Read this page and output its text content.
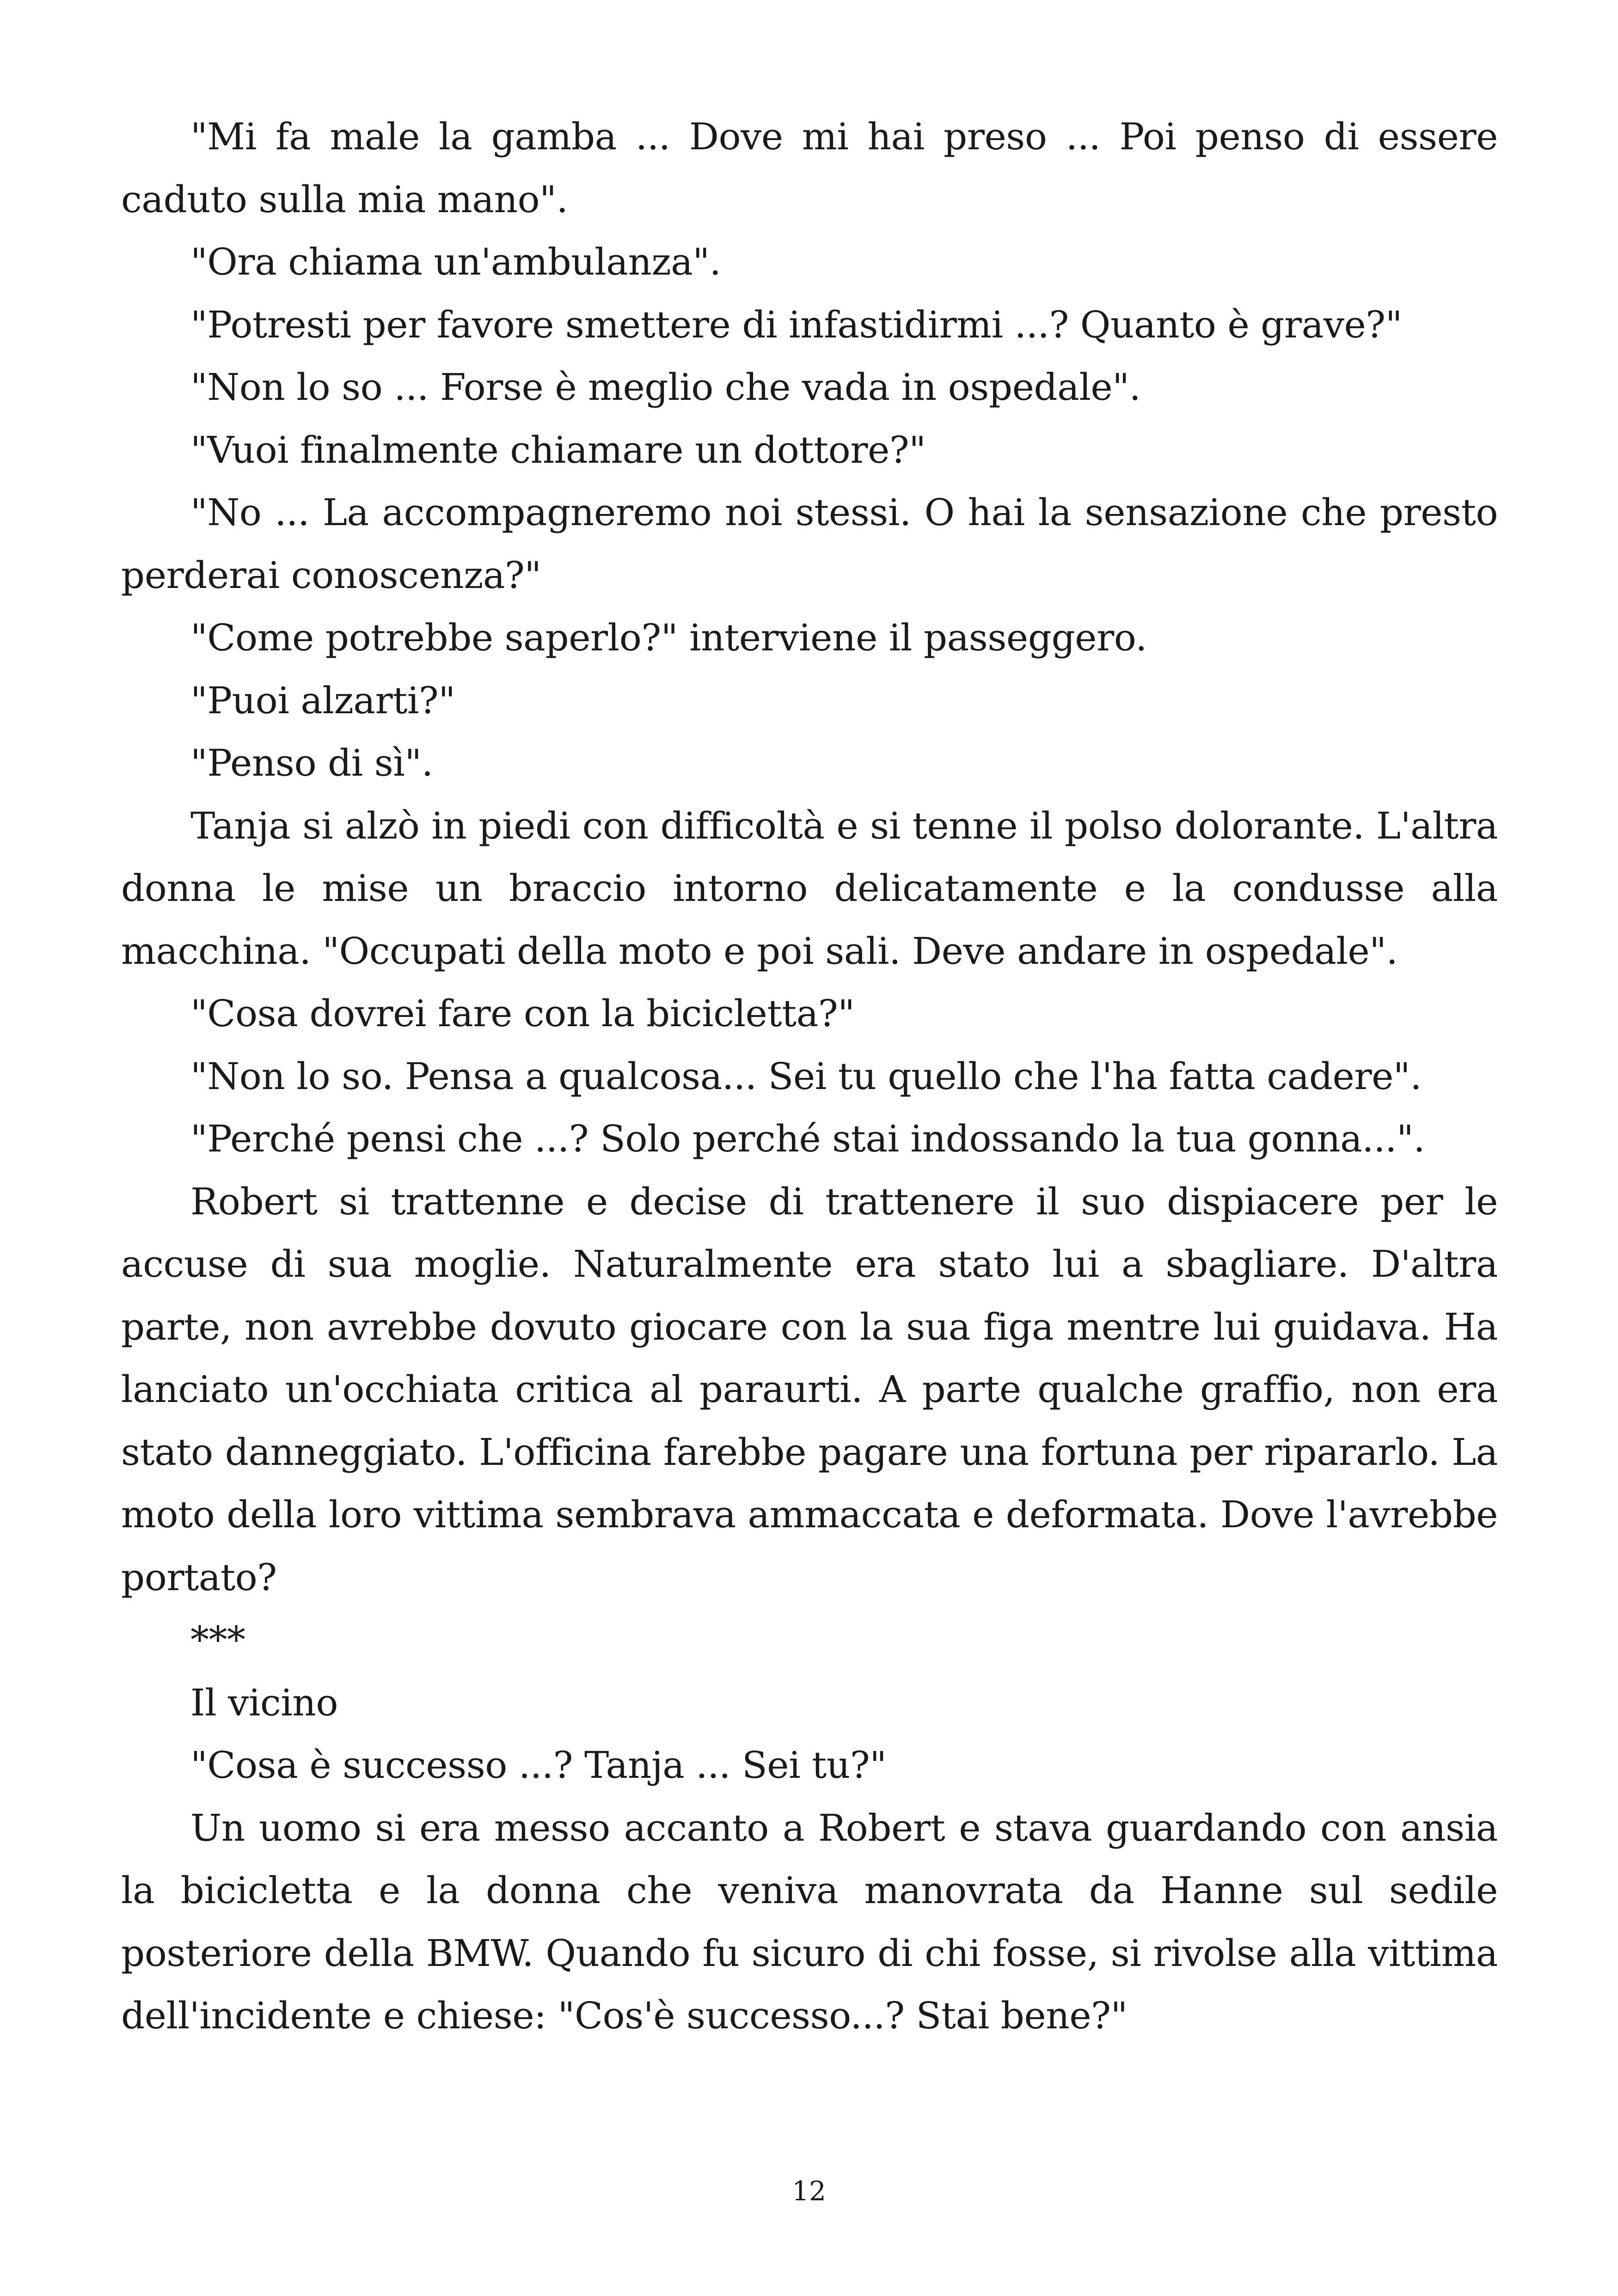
"Mi fa male la gamba ... Dove mi hai preso ... Poi penso di essere caduto sulla mia mano".

"Ora chiama un'ambulanza".

"Potresti per favore smettere di infastidirmi ...? Quanto è grave?"

"Non lo so ... Forse è meglio che vada in ospedale".

"Vuoi finalmente chiamare un dottore?"

"No ... La accompagneremo noi stessi. O hai la sensazione che presto perderai conoscenza?"

"Come potrebbe saperlo?" interviene il passeggero.

"Puoi alzarti?"

"Penso di sì".

Tanja si alzò in piedi con difficoltà e si tenne il polso dolorante. L'altra donna le mise un braccio intorno delicatamente e la condusse alla macchina. "Occupati della moto e poi sali. Deve andare in ospedale".

"Cosa dovrei fare con la bicicletta?"

"Non lo so. Pensa a qualcosa... Sei tu quello che l'ha fatta cadere".

"Perché pensi che ...? Solo perché stai indossando la tua gonna...".

Robert si trattenne e decise di trattenere il suo dispiacere per le accuse di sua moglie. Naturalmente era stato lui a sbagliare. D'altra parte, non avrebbe dovuto giocare con la sua figa mentre lui guidava. Ha lanciato un'occhiata critica al paraurti. A parte qualche graffio, non era stato danneggiato. L'officina farebbe pagare una fortuna per ripararlo. La moto della loro vittima sembrava ammaccata e deformata. Dove l'avrebbe portato?

***

Il vicino

"Cosa è successo ...? Tanja ... Sei tu?"

Un uomo si era messo accanto a Robert e stava guardando con ansia la bicicletta e la donna che veniva manovrata da Hanne sul sedile posteriore della BMW. Quando fu sicuro di chi fosse, si rivolse alla vittima dell'incidente e chiese: "Cos'è successo...? Stai bene?"

12
